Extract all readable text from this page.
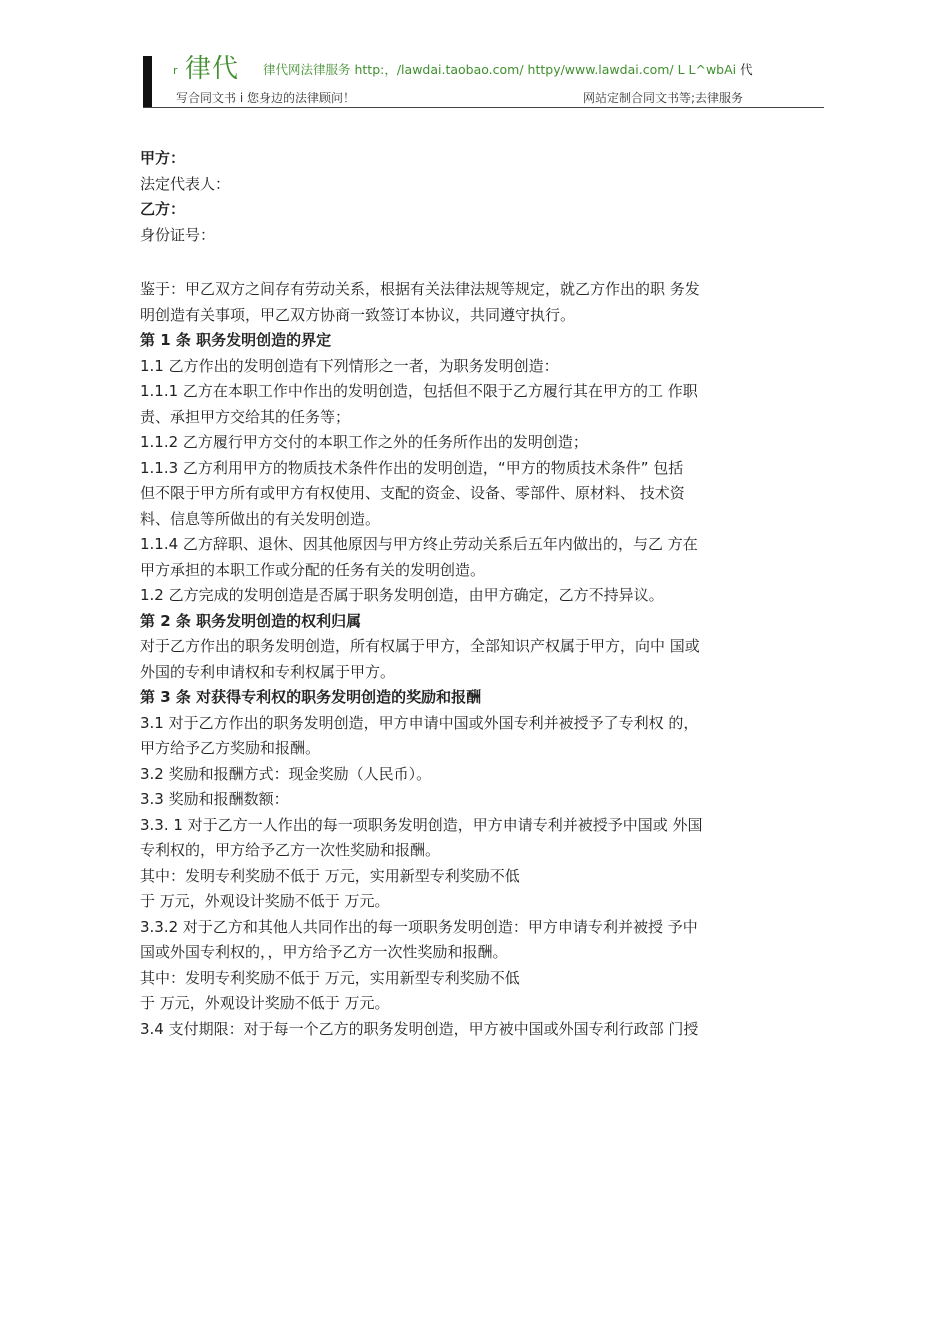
r 律代 律代网法律服务 http:，/lawdai.taobao.com/ httpy/www.lawdai.com/ L L^wbAi 代
写合同文书 i 您身边的法律顾问！	网站定制合同文书等;去律服务

甲方：

法定代表人：

乙方：

身份证号：

鉴于：甲乙双方之间存有劳动关系，根据有关法律法规等规定，就乙方作出的职 务发

明创造有关事项，甲乙双方协商一致签订本协议，共同遵守执行。

第 1 条 职务发明创造的界定

1.1 乙方作出的发明创造有下列情形之一者，为职务发明创造：

1.1.1 乙方在本职工作中作出的发明创造，包括但不限于乙方履行其在甲方的工 作职

责、承担甲方交给其的任务等；

1.1.2 乙方履行甲方交付的本职工作之外的任务所作出的发明创造；

1.1.3 乙方利用甲方的物质技术条件作出的发明创造，“甲方的物质技术条件” 包括

但不限于甲方所有或甲方有权使用、支配的资金、设备、零部件、原材料、 技术资

料、信息等所做出的有关发明创造。

1.1.4 乙方辞职、退休、因其他原因与甲方终止劳动关系后五年内做出的，与乙 方在

甲方承担的本职工作或分配的任务有关的发明创造。

1.2 乙方完成的发明创造是否属于职务发明创造，由甲方确定，乙方不持异议。

第 2 条 职务发明创造的权利归属

对于乙方作出的职务发明创造，所有权属于甲方，全部知识产权属于甲方，向中 国或

外国的专利申请权和专利权属于甲方。

第 3 条 对获得专利权的职务发明创造的奖励和报酬

3.1 对于乙方作出的职务发明创造，甲方申请中国或外国专利并被授予了专利权 的，

甲方给予乙方奖励和报酬。

3.2 奖励和报酬方式：现金奖励（人民币）。

3.3 奖励和报酬数额：

3.3. 1 对于乙方一人作出的每一项职务发明创造，甲方申请专利并被授予中国或 外国

专利权的，甲方给予乙方一次性奖励和报酬。

其中：发明专利奖励不低于 万元，实用新型专利奖励不低

于 万元，外观设计奖励不低于 万元。

3.3.2 对于乙方和其他人共同作出的每一项职务发明创造：甲方申请专利并被授 予中

国或外国专利权的，，甲方给予乙方一次性奖励和报酬。

其中：发明专利奖励不低于 万元，实用新型专利奖励不低

于 万元，外观设计奖励不低于 万元。

3.4 支付期限：对于每一个乙方的职务发明创造，甲方被中国或外国专利行政部 门授
